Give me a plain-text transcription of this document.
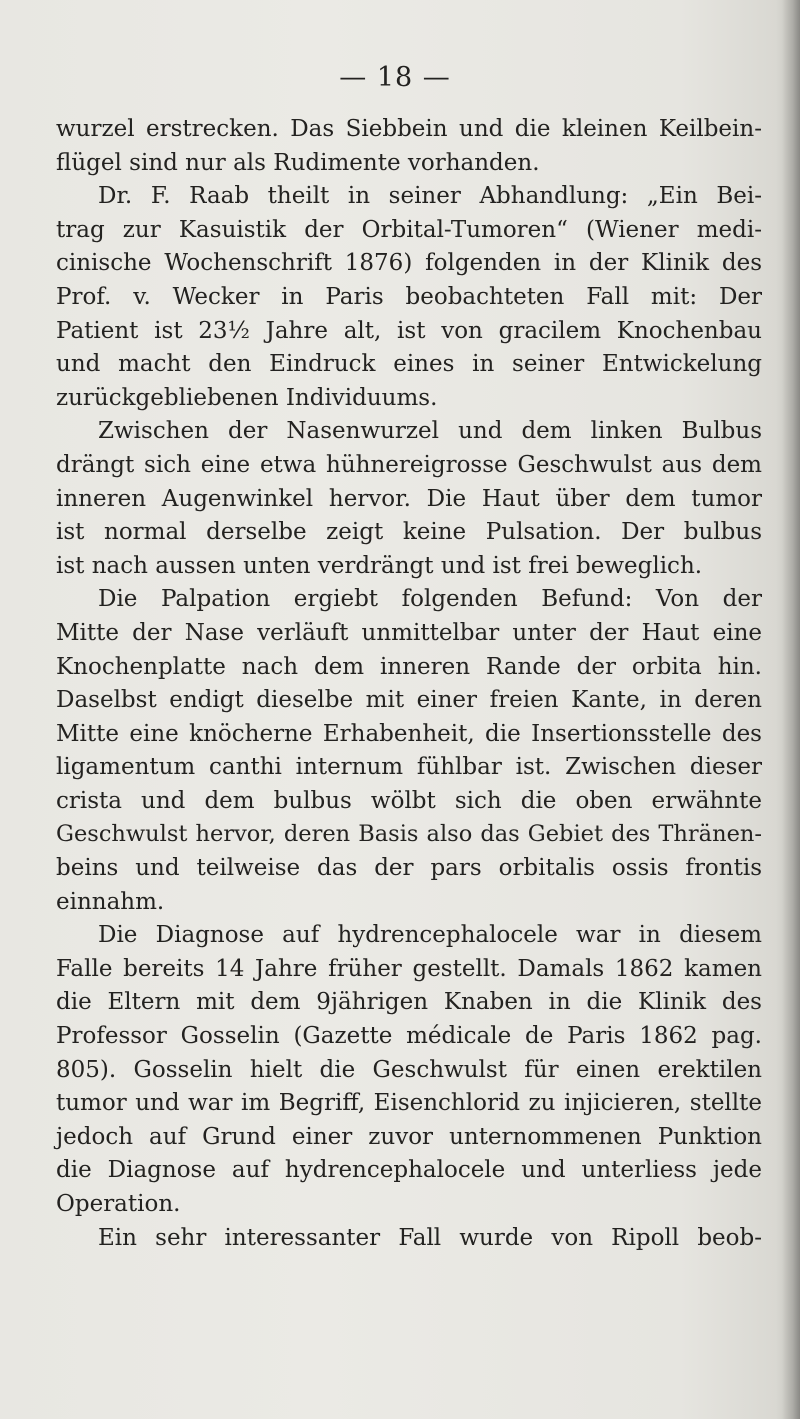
— 18 —
wurzel erstrecken. Das Siebbein und die kleinen Keilbein-
flügel sind nur als Rudimente vorhanden.
Dr. F. Raab theilt in seiner Abhandlung: „Ein Bei-
trag zur Kasuistik der Orbital-Tumoren“ (Wiener medi-
cinische Wochenschrift 1876) folgenden in der Klinik des
Prof. v. Wecker in Paris beobachteten Fall mit: Der
Patient ist 23½ Jahre alt, ist von gracilem Knochenbau
und macht den Eindruck eines in seiner Entwickelung
zurückgebliebenen Individuums.
Zwischen der Nasenwurzel und dem linken Bulbus
drängt sich eine etwa hühnereigrosse Geschwulst aus dem
inneren Augenwinkel hervor. Die Haut über dem tumor
ist normal derselbe zeigt keine Pulsation. Der bulbus
ist nach aussen unten verdrängt und ist frei beweglich.
Die Palpation ergiebt folgenden Befund: Von der
Mitte der Nase verläuft unmittelbar unter der Haut eine
Knochenplatte nach dem inneren Rande der orbita hin.
Daselbst endigt dieselbe mit einer freien Kante, in deren
Mitte eine knöcherne Erhabenheit, die Insertionsstelle des
ligamentum canthi internum fühlbar ist. Zwischen dieser
crista und dem bulbus wölbt sich die oben erwähnte
Geschwulst hervor, deren Basis also das Gebiet des Thränen-
beins und teilweise das der pars orbitalis ossis frontis
einnahm.
Die Diagnose auf hydrencephalocele war in diesem
Falle bereits 14 Jahre früher gestellt. Damals 1862 kamen
die Eltern mit dem 9jährigen Knaben in die Klinik des
Professor Gosselin (Gazette médicale de Paris 1862 pag.
805). Gosselin hielt die Geschwulst für einen erektilen
tumor und war im Begriff, Eisenchlorid zu injicieren, stellte
jedoch auf Grund einer zuvor unternommenen Punktion
die Diagnose auf hydrencephalocele und unterliess jede
Operation.
Ein sehr interessanter Fall wurde von Ripoll beob-
